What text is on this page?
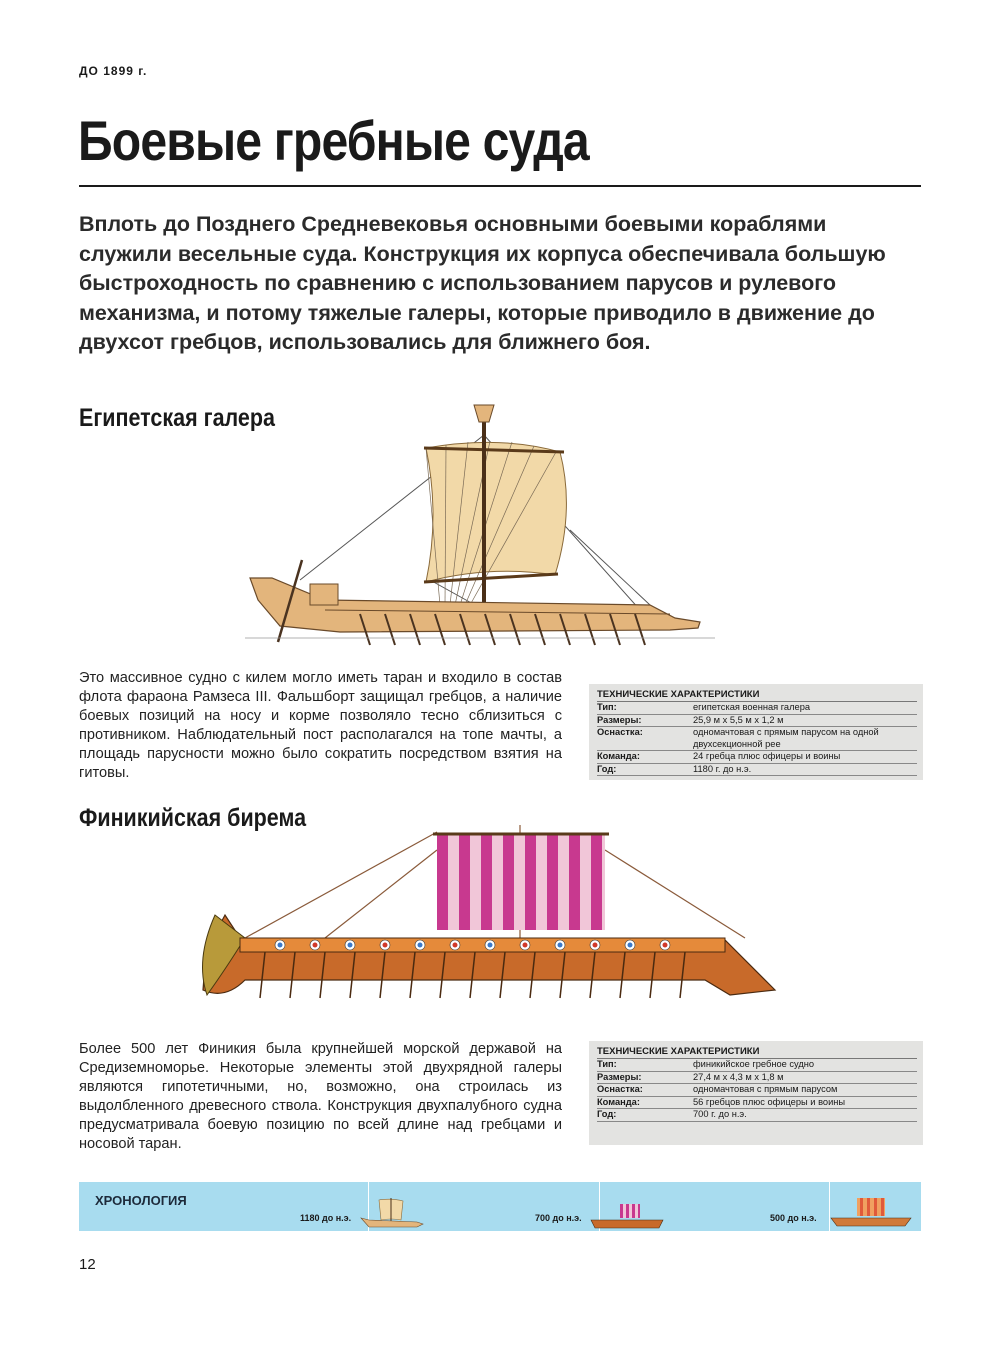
ДО 1899 г.
Боевые гребные суда
Вплоть до Позднего Средневековья основными боевыми кораблями служили весельные суда. Конструкция их корпуса обеспечивала большую быстроходность по сравнению с использованием парусов и рулевого механизма, и потому тяжелые галеры, которые приводило в движение до двухсот гребцов, использовались для ближнего боя.
Египетская галера
Это массивное судно с килем могло иметь таран и входило в состав флота фараона Рамзеса III. Фальшборт защищал гребцов, а наличие боевых позиций на носу и корме позволяло тесно сблизиться с противником. Наблюдательный пост располагался на топе мачты, а площадь парусности можно было сократить посредством взятия на гитовы.
ТЕХНИЧЕСКИЕ ХАРАКТЕРИСТИКИ
Тип:	египетская военная галера
Размеры:	25,9 м х 5,5 м х 1,2 м
Оснастка:	одномачтовая с прямым парусом на одной двухсекционной рее
Команда:	24 гребца плюс офицеры и воины
Год:	1180 г. до н.э.
Финикийская бирема
Более 500 лет Финикия была крупнейшей морской державой на Средиземноморье. Некоторые элементы этой двухрядной галеры являются гипотетичными, но, возможно, она строилась из выдолбленного древесного ствола. Конструкция двухпалубного судна предусматривала боевую позицию по всей длине над гребцами и носовой таран.
ТЕХНИЧЕСКИЕ ХАРАКТЕРИСТИКИ
Тип:	финикийское гребное судно
Размеры:	27,4 м х 4,3 м х 1,8 м
Оснастка:	одномачтовая с прямым парусом
Команда:	56 гребцов плюс офицеры и воины
Год:	700 г. до н.э.
ХРОНОЛОГИЯ
1180 до н.э.	700 до н.э.	500 до н.э.
12
